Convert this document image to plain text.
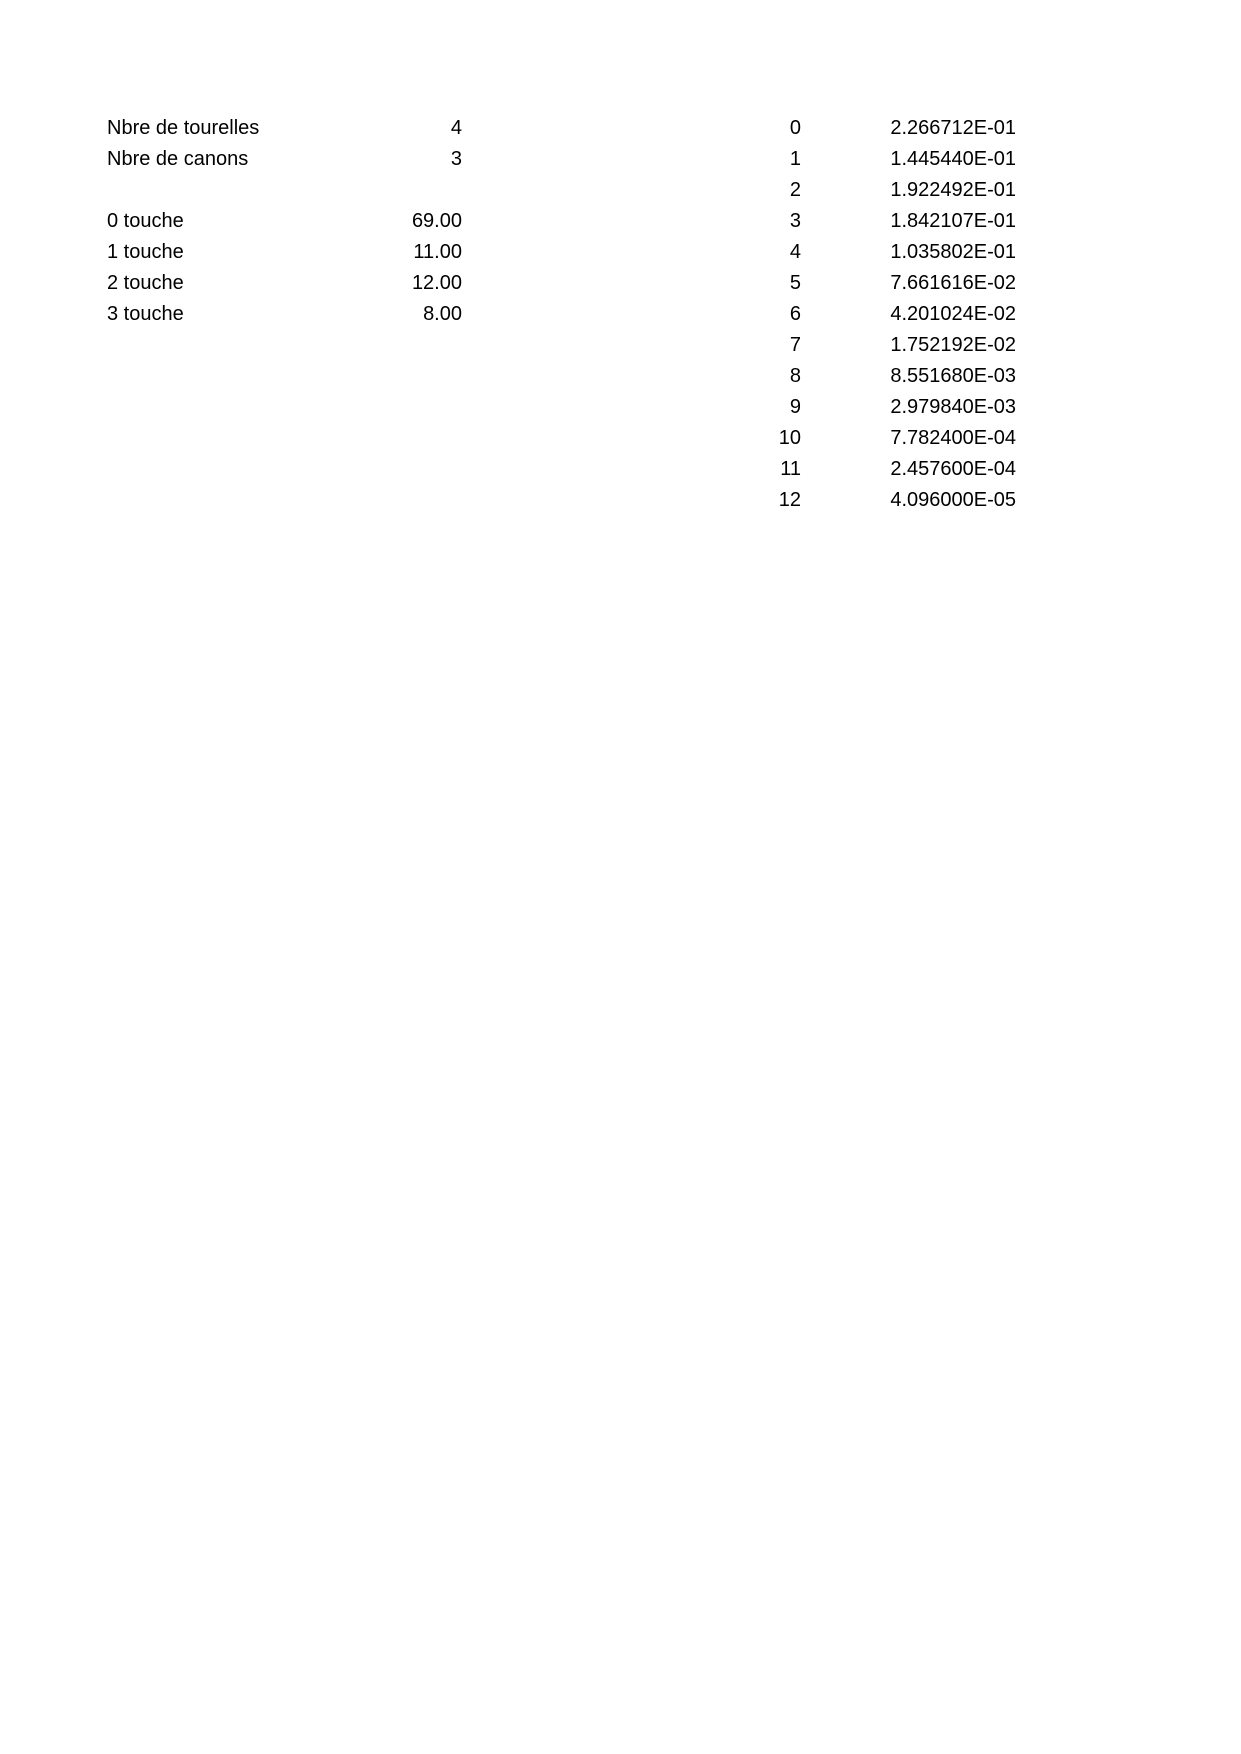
Nbre de tourelles	4
Nbre de canons	3
0 touche	69.00
1 touche	11.00
2 touche	12.00
3 touche	8.00
0	2.266712E-01
1	1.445440E-01
2	1.922492E-01
3	1.842107E-01
4	1.035802E-01
5	7.661616E-02
6	4.201024E-02
7	1.752192E-02
8	8.551680E-03
9	2.979840E-03
10	7.782400E-04
11	2.457600E-04
12	4.096000E-05
